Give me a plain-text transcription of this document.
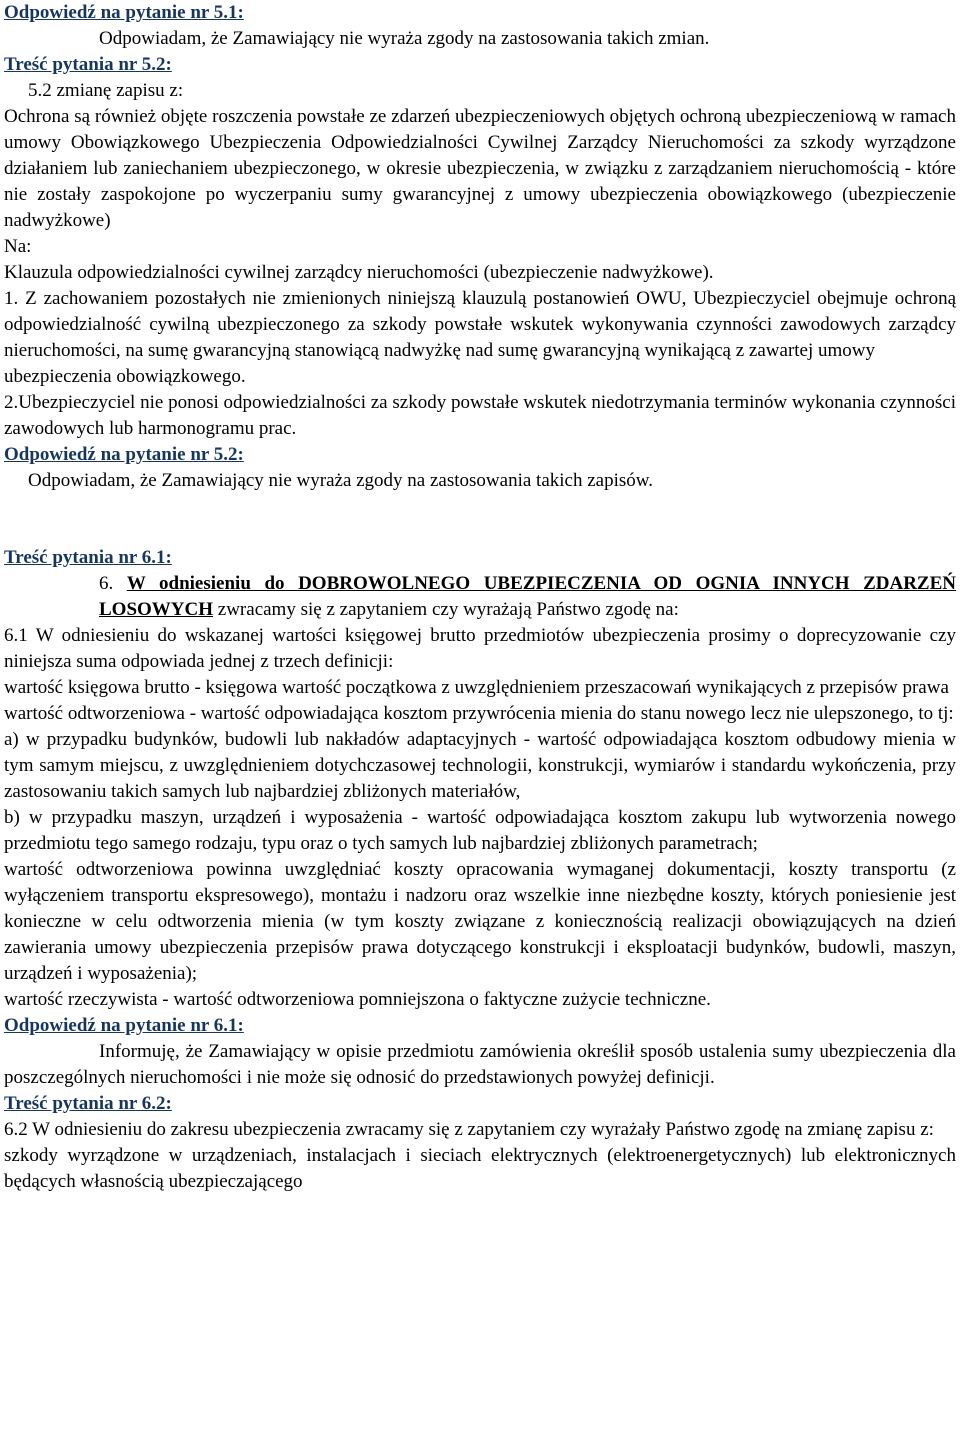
Odpowiedź na pytanie nr 5.1:

Odpowiadam, że Zamawiający nie wyraża zgody na zastosowania takich zmian.

Treść pytania nr 5.2:

5.2 zmianę zapisu z:

Ochrona są również objęte roszczenia powstałe ze zdarzeń ubezpieczeniowych objętych ochroną ubezpieczeniową w ramach umowy Obowiązkowego Ubezpieczenia Odpowiedzialności Cywilnej Zarządcy Nieruchomości za szkody wyrządzone działaniem lub zaniechaniem ubezpieczonego, w okresie ubezpieczenia, w związku z zarządzaniem nieruchomością - które nie zostały zaspokojone po wyczerpaniu sumy gwarancyjnej z umowy ubezpieczenia obowiązkowego (ubezpieczenie nadwyżkowe)

Na:

Klauzula odpowiedzialności cywilnej zarządcy nieruchomości (ubezpieczenie nadwyżkowe).

1. Z zachowaniem pozostałych nie zmienionych niniejszą klauzulą postanowień OWU, Ubezpieczyciel obejmuje ochroną odpowiedzialność cywilną ubezpieczonego za szkody powstałe wskutek wykonywania czynności zawodowych zarządcy nieruchomości, na sumę gwarancyjną stanowiącą nadwyżkę nad sumę gwarancyjną wynikającą z zawartej umowy

ubezpieczenia obowiązkowego.

2.Ubezpieczyciel nie ponosi odpowiedzialności za szkody powstałe wskutek niedotrzymania terminów wykonania czynności zawodowych lub harmonogramu prac.

Odpowiedź na pytanie nr 5.2:

Odpowiadam, że Zamawiający nie wyraża zgody na zastosowania takich zapisów.

Treść pytania nr 6.1:

6. W odniesieniu do DOBROWOLNEGO UBEZPIECZENIA OD OGNIA INNYCH ZDARZEŃ LOSOWYCH zwracamy się z zapytaniem czy wyrażają Państwo zgodę na:

6.1 W odniesieniu do wskazanej wartości księgowej brutto przedmiotów ubezpieczenia prosimy o doprecyzowanie czy niniejsza suma odpowiada jednej z trzech definicji:

wartość księgowa brutto - księgowa wartość początkowa z uwzględnieniem przeszacowań wynikających z przepisów prawa

wartość odtworzeniowa - wartość odpowiadająca kosztom przywrócenia mienia do stanu nowego lecz nie ulepszonego, to tj:

a) w przypadku budynków, budowli lub nakładów adaptacyjnych - wartość odpowiadająca kosztom odbudowy mienia w tym samym miejscu, z uwzględnieniem dotychczasowej technologii, konstrukcji, wymiarów i standardu wykończenia, przy zastosowaniu takich samych lub najbardziej zbliżonych materiałów,

b) w przypadku maszyn, urządzeń i wyposażenia - wartość odpowiadająca kosztom zakupu lub wytworzenia nowego przedmiotu tego samego rodzaju, typu oraz o tych samych lub najbardziej zbliżonych parametrach;

wartość odtworzeniowa powinna uwzględniać koszty opracowania wymaganej dokumentacji, koszty transportu (z wyłączeniem transportu ekspresowego), montażu i nadzoru oraz wszelkie inne niezbędne koszty, których poniesienie jest konieczne w celu odtworzenia mienia (w tym koszty związane z koniecznością realizacji obowiązujących na dzień zawierania umowy ubezpieczenia przepisów prawa dotyczącego konstrukcji i eksploatacji budynków, budowli, maszyn, urządzeń i wyposażenia);

wartość rzeczywista - wartość odtworzeniowa pomniejszona o faktyczne zużycie techniczne.

Odpowiedź na pytanie nr 6.1:

Informuję, że Zamawiający w opisie przedmiotu zamówienia określił sposób ustalenia sumy ubezpieczenia dla poszczególnych nieruchomości i nie może się odnosić do przedstawionych powyżej definicji.

Treść pytania nr 6.2:

6.2 W odniesieniu do zakresu ubezpieczenia zwracamy się z zapytaniem czy wyrażały Państwo zgodę na zmianę zapisu z:

szkody wyrządzone w urządzeniach, instalacjach i sieciach elektrycznych (elektroenergetycznych) lub elektronicznych będących własnością ubezpieczającego
